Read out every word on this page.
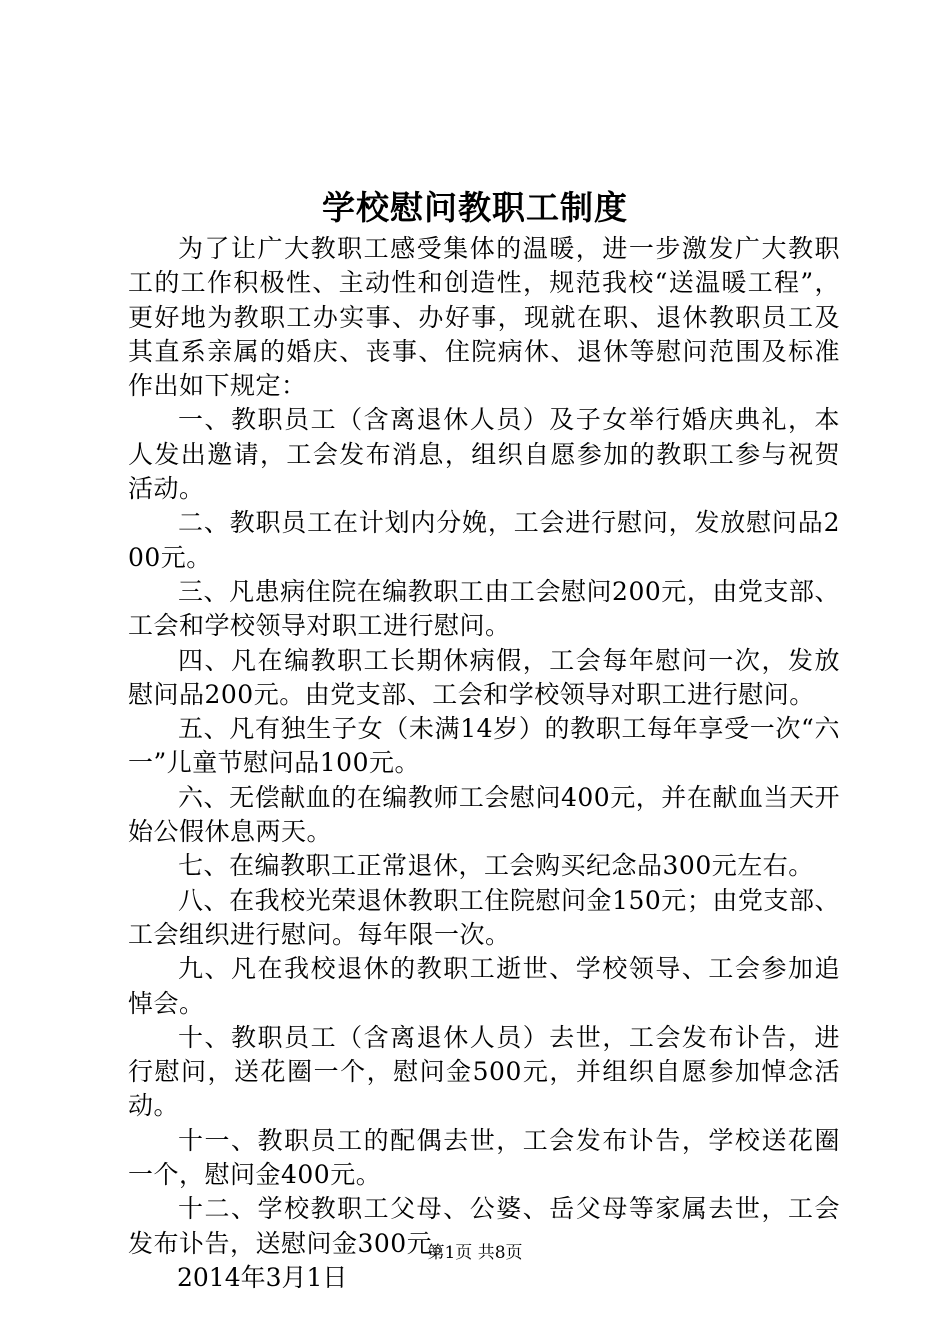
学校慰问教职工制度

为了让广大教职工感受集体的温暖，进一步激发广大教职工的工作积极性、主动性和创造性，规范我校“送温暖工程”，更好地为教职工办实事、办好事，现就在职、退休教职员工及其直系亲属的婚庆、丧事、住院病休、退休等慰问范围及标准作出如下规定：

一、教职员工（含离退休人员）及子女举行婚庆典礼，本人发出邀请，工会发布消息，组织自愿参加的教职工参与祝贺活动。

二、教职员工在计划内分娩，工会进行慰问，发放慰问品200元。

三、凡患病住院在编教职工由工会慰问200元，由党支部、工会和学校领导对职工进行慰问。

四、凡在编教职工长期休病假，工会每年慰问一次，发放慰问品200元。由党支部、工会和学校领导对职工进行慰问。

五、凡有独生子女（未满14岁）的教职工每年享受一次“六一”儿童节慰问品100元。

六、无偿献血的在编教师工会慰问400元，并在献血当天开始公假休息两天。

七、在编教职工正常退休，工会购买纪念品300元左右。

八、在我校光荣退休教职工住院慰问金150元；由党支部、工会组织进行慰问。每年限一次。

九、凡在我校退休的教职工逝世、学校领导、工会参加追悼会。

十、教职员工（含离退休人员）去世，工会发布讣告，进行慰问，送花圈一个，慰问金500元，并组织自愿参加悼念活动。

十一、教职员工的配偶去世，工会发布讣告，学校送花圈一个，慰问金400元。

十二、学校教职工父母、公婆、岳父母等家属去世，工会发布讣告，送慰问金300元。

2014年3月1日

第1页 共8页
